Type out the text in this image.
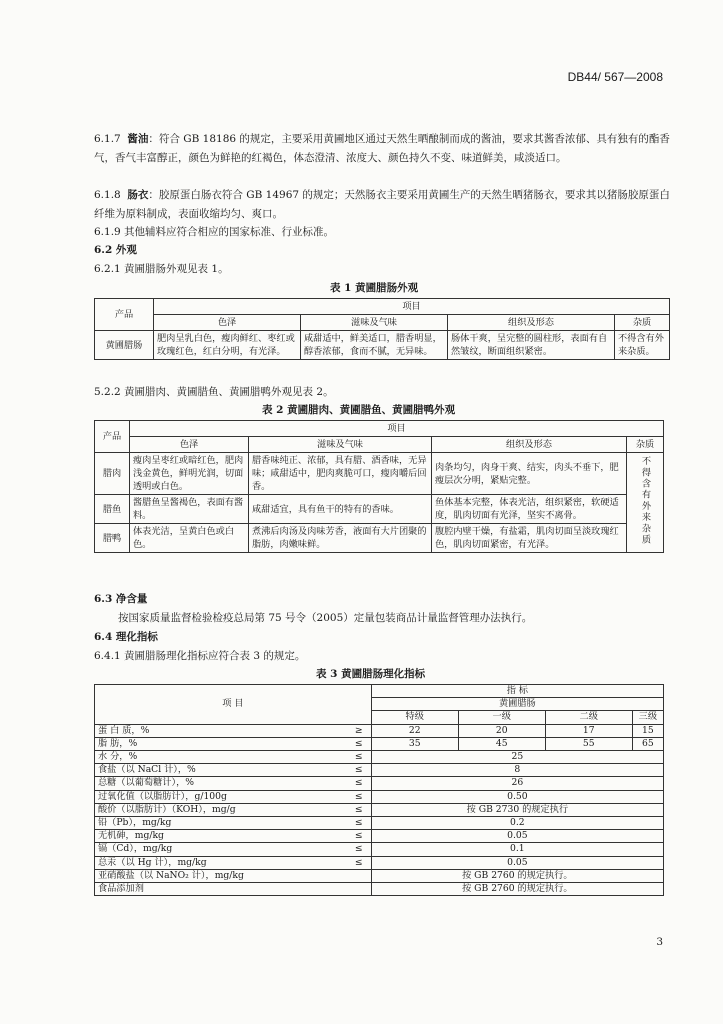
DB44/ 567—2008
6.1.7 酱油：符合 GB 18186 的规定，主要采用黄圃地区通过天然生晒酿制而成的酱油，要求其酱香浓郁、具有独有的酯香气，香气丰富醇正，颜色为鲜艳的红褐色，体态澄清、浓度大、颜色持久不变、味道鲜美，咸淡适口。
6.1.8 肠衣：胶原蛋白肠衣符合 GB 14967 的规定；天然肠衣主要采用黄圃生产的天然生晒猪肠衣，要求其以猪肠胶原蛋白纤维为原料制成，表面收缩均匀、爽口。
6.1.9 其他辅料应符合相应的国家标准、行业标准。
6.2 外观
6.2.1 黄圃腊肠外观见表 1。
表 1 黄圃腊肠外观
产品	项目			
	色泽	滋味及气味	组织及形态	杂质
黄圃腊肠	肥肉呈乳白色，瘦肉鲜红、枣红或玫瑰红色，红白分明，有光泽。	咸甜适中，鲜美适口，腊香明显，醇香浓郁，食而不腻，无异味。	肠体干爽，呈完整的圆柱形，表面有自然皱纹，断面组织紧密。	不得含有外来杂质。
5.2.2 黄圃腊肉、黄圃腊鱼、黄圃腊鸭外观见表 2。
表 2 黄圃腊肉、黄圃腊鱼、黄圃腊鸭外观
产品	项目			
	色泽	滋味及气味	组织及形态	杂质
腊肉	瘦肉呈枣红或暗红色，肥肉浅金黄色，鲜明光润，切面透明或白色。	腊香味纯正、浓郁，具有腊、酒香味，无异味；咸甜适中，肥肉爽脆可口，瘦肉嚼后回香。	肉条均匀，肉身干爽、结实，肉头不垂下，肥瘦层次分明，紧贴完整。	不得含有外来杂质
腊鱼	酱腊鱼呈酱褐色，表面有酱料。	咸甜适宜，具有鱼干的特有的香味。	鱼体基本完整，体表光洁，组织紧密，软硬适度，肌肉切面有光泽，坚实不离骨。	
腊鸭	体表光洁，呈黄白色或白色。	煮沸后肉汤及肉味芳香，液面有大片团聚的脂肪，肉嫩味鲜。	腹腔内壁干燥，有盐霜，肌肉切面呈淡玫瑰红色，肌肉切面紧密，有光泽。	
6.3 净含量
按国家质量监督检验检疫总局第 75 号令（2005）定量包装商品计量监督管理办法执行。
6.4 理化指标
6.4.1 黄圃腊肠理化指标应符合表 3 的规定。
表 3 黄圃腊肠理化指标
项 目		指 标			
		黄圃腊肠			
		特级	一级	二级	三级
蛋 白 质，%	≥	22	20	17	15
脂 肪，%	≤	35	45	55	65
水 分，%	≤	25			
食盐（以 NaCl 计），%	≤	8			
总糖（以葡萄糖计），%	≤	26			
过氧化值（以脂肪计），g/100g	≤	0.50			
酸价（以脂肪计）（KOH），mg/g	≤	按 GB 2730 的规定执行			
铅（Pb），mg/kg	≤	0.2			
无机砷，mg/kg	≤	0.05			
镉（Cd），mg/kg	≤	0.1			
总汞（以 Hg 计），mg/kg	≤	0.05			
亚硝酸盐（以 NaNO₂ 计），mg/kg		按 GB 2760 的规定执行。			
食品添加剂		按 GB 2760 的规定执行。			
3
